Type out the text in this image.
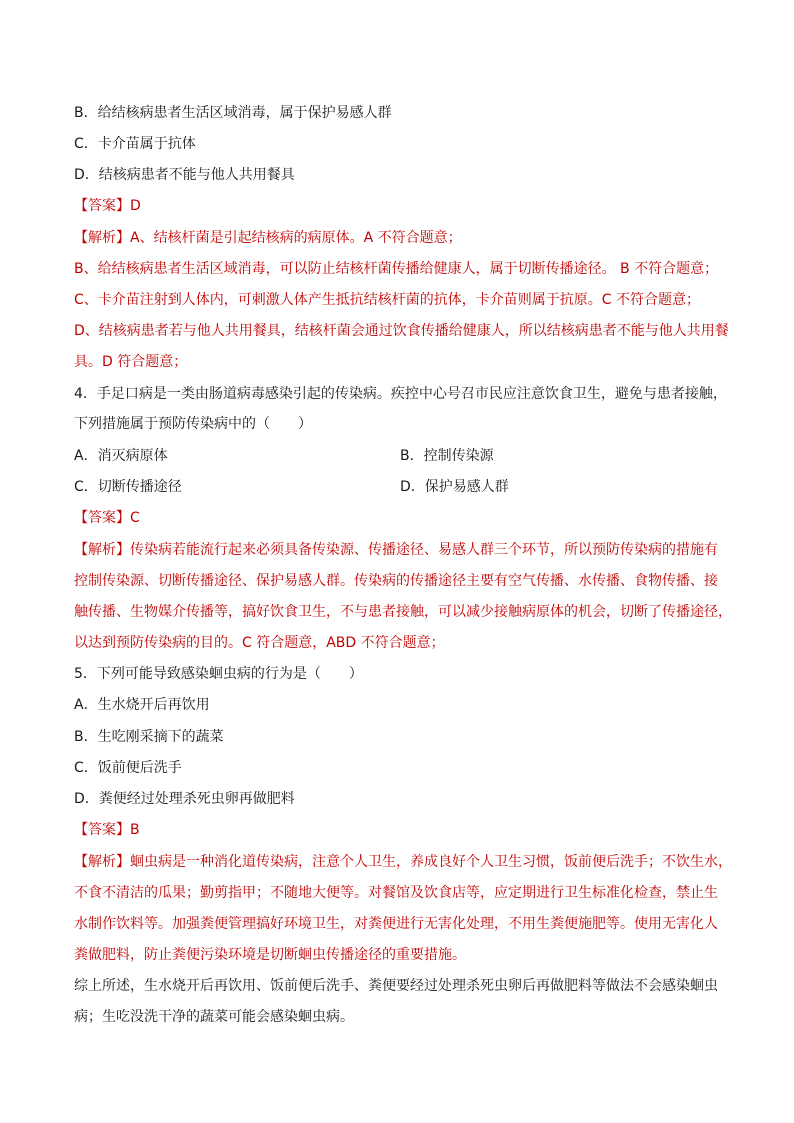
B．给结核病患者生活区域消毒，属于保护易感人群
C．卡介苗属于抗体
D．结核病患者不能与他人共用餐具
【答案】D
【解析】A、结核杆菌是引起结核病的病原体。A 不符合题意；
B、给结核病患者生活区域消毒，可以防止结核杆菌传播给健康人，属于切断传播途径。 B 不符合题意；
C、卡介苗注射到人体内，可刺激人体产生抵抗结核杆菌的抗体，卡介苗则属于抗原。C 不符合题意；
D、结核病患者若与他人共用餐具，结核杆菌会通过饮食传播给健康人，所以结核病患者不能与他人共用餐
具。D 符合题意；
4．手足口病是一类由肠道病毒感染引起的传染病。疾控中心号召市民应注意饮食卫生，避免与患者接触，
下列措施属于预防传染病中的（　　）
A．消灭病原体	B．控制传染源
C．切断传播途径	D．保护易感人群
【答案】C
【解析】传染病若能流行起来必须具备传染源、传播途径、易感人群三个环节，所以预防传染病的措施有
控制传染源、切断传播途径、保护易感人群。传染病的传播途径主要有空气传播、水传播、食物传播、接
触传播、生物媒介传播等，搞好饮食卫生，不与患者接触，可以减少接触病原体的机会，切断了传播途径，
以达到预防传染病的目的。C 符合题意，ABD 不符合题意；
5．下列可能导致感染蛔虫病的行为是（　　）
A．生水烧开后再饮用
B．生吃刚采摘下的蔬菜
C．饭前便后洗手
D．粪便经过处理杀死虫卵再做肥料
【答案】B
【解析】蛔虫病是一种消化道传染病，注意个人卫生，养成良好个人卫生习惯，饭前便后洗手；不饮生水，
不食不清洁的瓜果；勤剪指甲；不随地大便等。对餐馆及饮食店等，应定期进行卫生标准化检查，禁止生
水制作饮料等。加强粪便管理搞好环境卫生，对粪便进行无害化处理，不用生粪便施肥等。使用无害化人
粪做肥料，防止粪便污染环境是切断蛔虫传播途径的重要措施。
综上所述，生水烧开后再饮用、饭前便后洗手、粪便要经过处理杀死虫卵后再做肥料等做法不会感染蛔虫
病；生吃没洗干净的蔬菜可能会感染蛔虫病。
